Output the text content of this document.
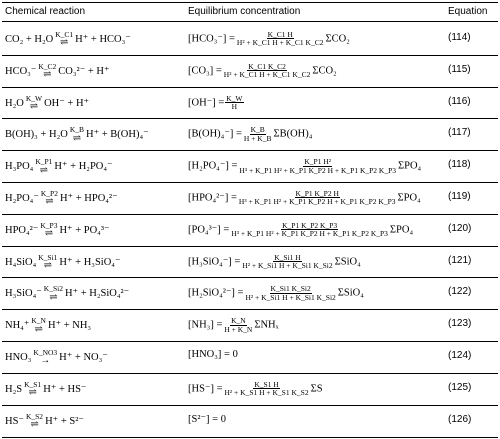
Chemical reaction	Equilibrium concentration	Equation
CO₂ + H₂O K_C1
⇌ H⁺ + HCO₃⁻	$[HCO_3^-] = \frac{K\_C1 H}{\text{H² + K\_C1 H + K\_C1 K\_C2}} \Sigma CO_2$	(114)
HCO₃⁻ K_C2
⇌ CO₃²⁻ + H⁺	$[CO_3] = \frac{K\_C1 K\_C2}{\text{H² + K\_C1 H + K\_C1 K\_C2}} \Sigma CO_2$	(115)
H₂O K_W
⇌ OH⁻ + H⁺	$[OH^-] = \frac{K\_W}{H}$	(116)
B(OH)₃ + H₂O K_B
⇌ H⁺ + B(OH)₄⁻	$[B(OH)_4^-] = \frac{K\_B}{H + K\_B} \Sigma B(OH)_4$	(117)
H₃PO₄ K_P1
⇌ H⁺ + H₂PO₄⁻	$[H_2PO_4^-] = \frac{\text{K\_P1 H²}}{\text{H³ + K\_P1 H² + K\_P1 K\_P2 H + K\_P1 K\_P2 K\_P3}} \Sigma PO_4$	(118)
H₂PO₄⁻ K_P2
⇌ H⁺ + HPO₄²⁻	$[HPO_4^{2-}] = \frac{K\_P1 K\_P2 H}{\text{H³ + K\_P1 H² + K\_P1 K\_P2 H + K\_P1 K\_P2 K\_P3}} \Sigma PO_4$	(119)
HPO₄²⁻ K_P3
⇌ H⁺ + PO₄³⁻	$[PO_4^{3-}] = \frac{K\_P1 K\_P2 K\_P3}{\text{H³ + K\_P1 H² + K\_P1 K\_P2 H + K\_P1 K\_P2 K\_P3}} \Sigma PO_4$	(120)
H₄SiO₄ K_Si1
⇌ H⁺ + H₃SiO₄⁻	$[H_3SiO_4^-] = \frac{K\_Si1 H}{\text{H² + K\_Si1 H + K\_Si1 K\_Si2}} \Sigma SiO_4$	(121)
H₃SiO₄⁻ K_Si2
⇌ H⁺ + H₂SiO₄²⁻	$[H_2SiO_4^{2-}] = \frac{K\_Si1 K\_Si2}{\text{H² + K\_Si1 H + K\_Si1 K\_Si2}} \Sigma SiO_4$	(122)
NH₄⁺ K_N
⇌ H⁺ + NH₃	$[NH_3] = \frac{K\_N}{H + K\_N}$ ΣNHₓ	(123)
HNO₃ K_NO3
→ H⁺ + NO₃⁻	[HNO₃] = 0	(124)
H₂S K_S1
⇌ H⁺ + HS⁻	$[HS^-] = \frac{K\_S1 H}{\text{H² + K\_S1 H + K\_S1 K\_S2}}$ ΣS	(125)
HS⁻ K_S2
⇌ H⁺ + S²⁻	[S²⁻] = 0	(126)
